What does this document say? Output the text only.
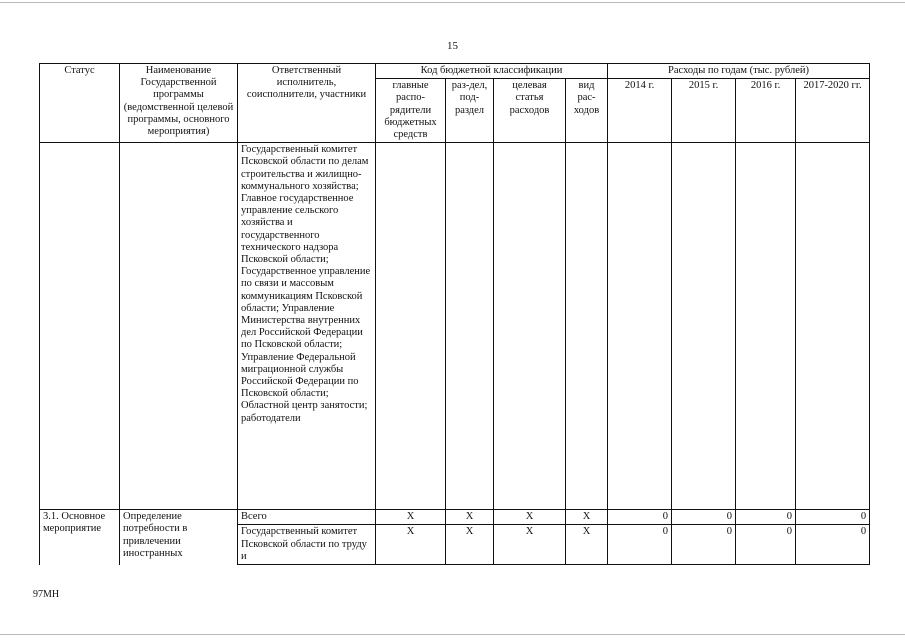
15
Статус	Наименование Государственной программы (ведомственной целевой программы, основного мероприятия)	Ответственный исполнитель, соисполнители, участники	Код бюджетной классификации				Расходы по годам (тыс. рублей)			
			главные распо-рядители бюджетных средств	раз-дел, под-раздел	целевая статья расходов	вид рас-ходов	2014 г.	2015 г.	2016 г.	2017-2020 гг.
		Государственный комитет Псковской области по делам строительства и жилищно-коммунального хозяйства; Главное государственное управление сельского хозяйства и государственного технического надзора Псковской области; Государственное управление по связи и массовым коммуникациям Псковской области; Управление Министерства внутренних дел Российской Федерации по Псковской области; Управление Федеральной миграционной службы Российской Федерации по Псковской области; Областной центр занятости; работодатели								
3.1. Основное мероприятие	Определение потребности в привлечении иностранных	Всего	X	X	X	X	0	0	0	0
		Государственный комитет Псковской области по труду и	X	X	X	X	0	0	0	0
97МН
